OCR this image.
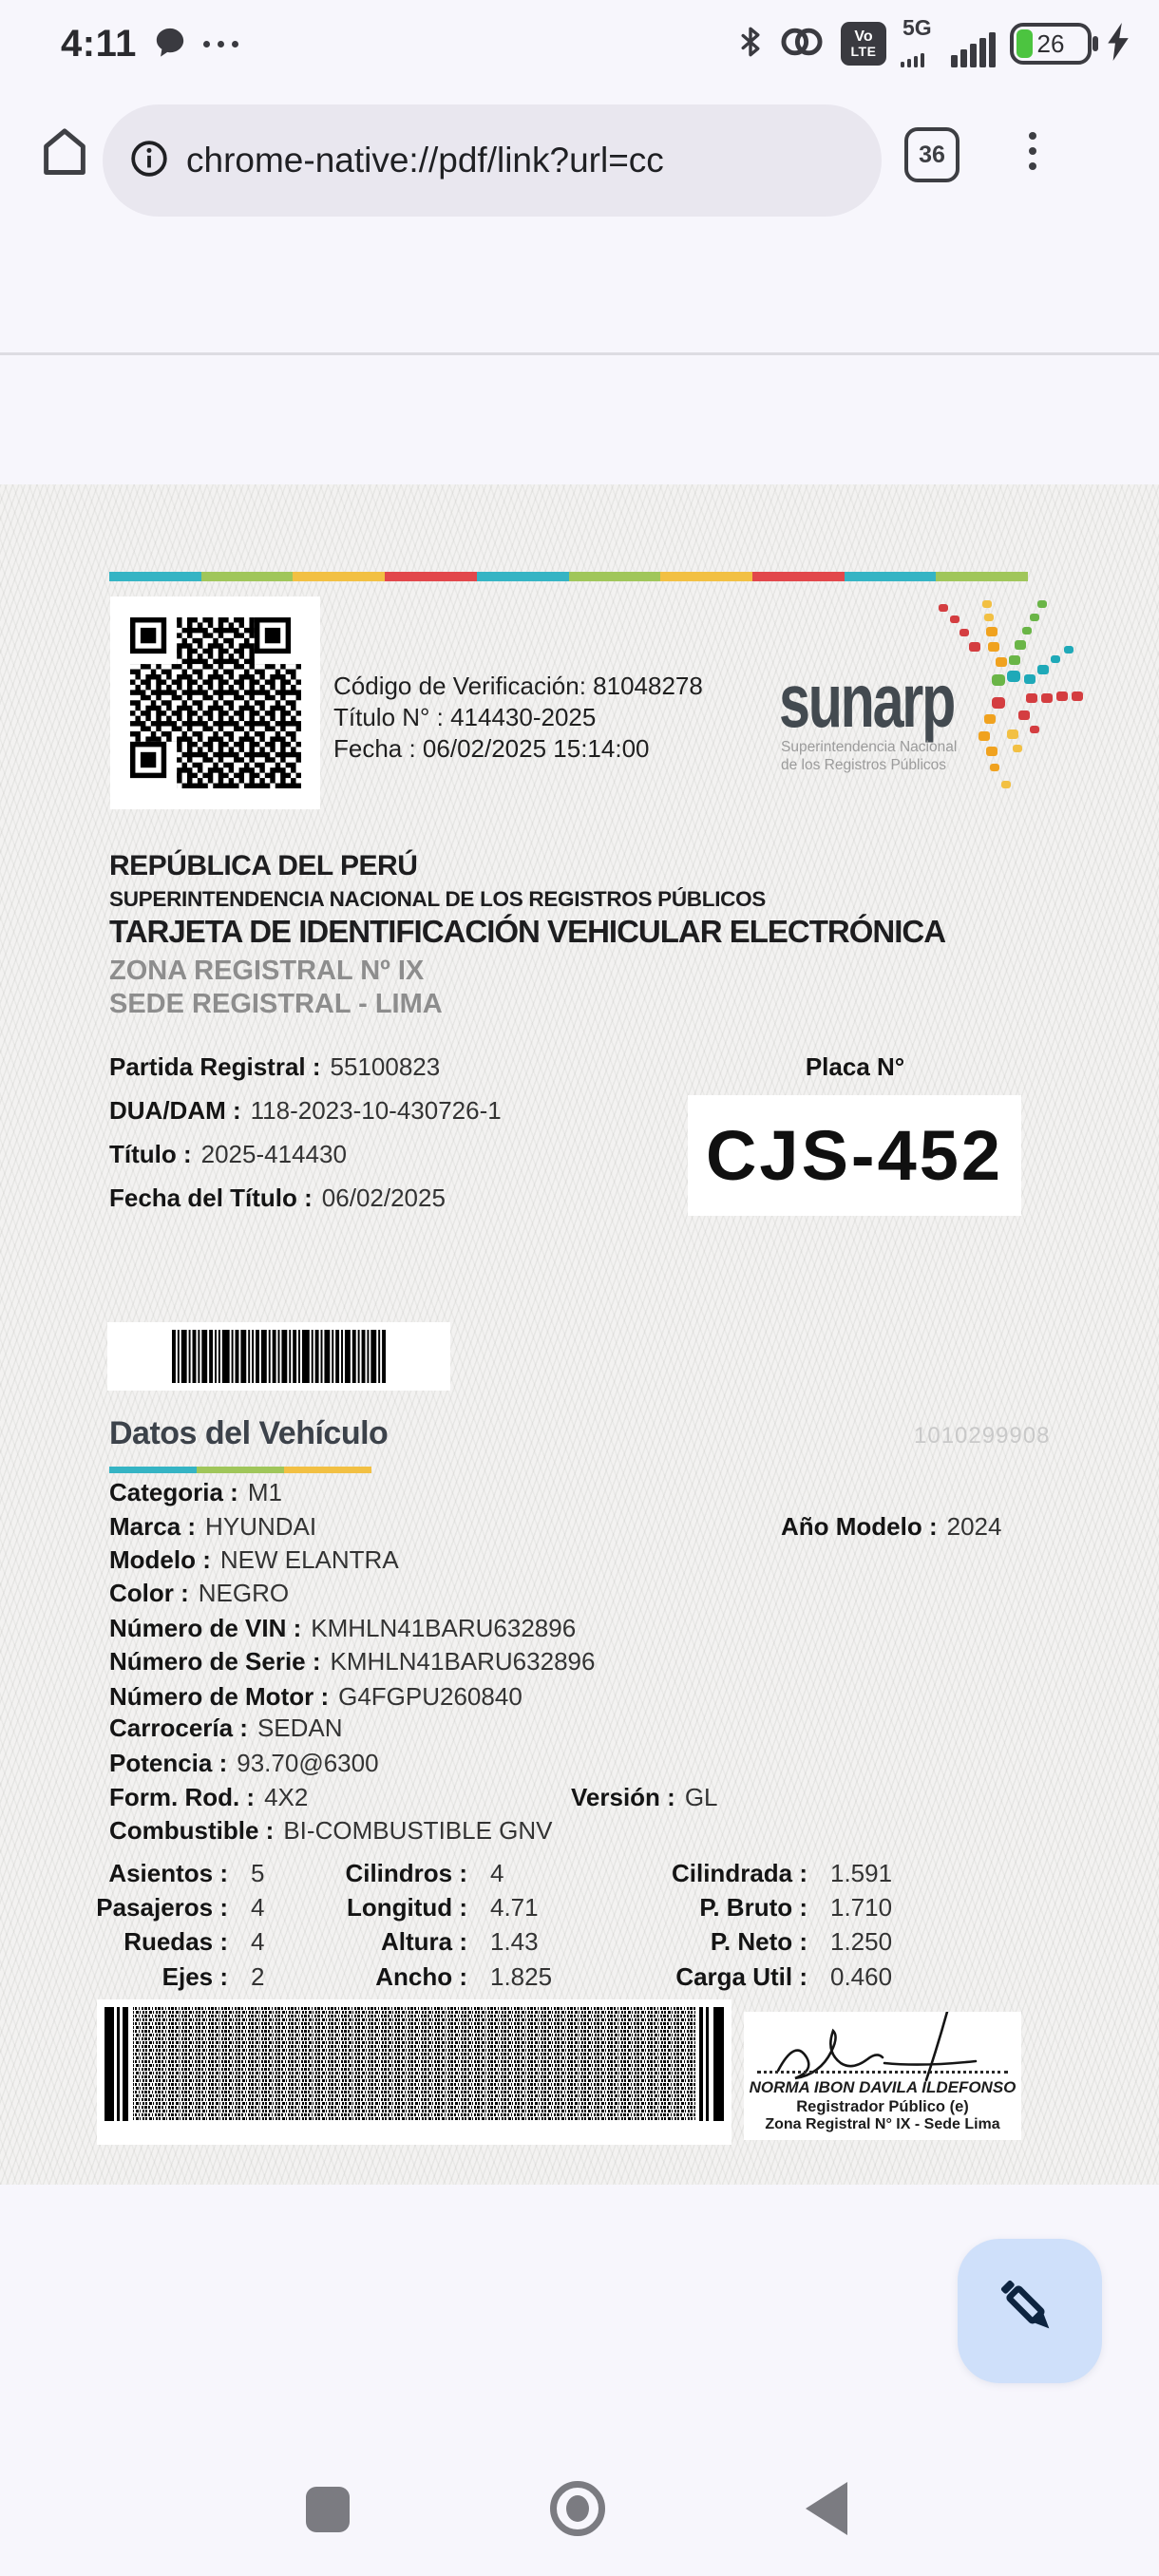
4:11	Vo
LTE
5G
26
chrome-native://pdf/link?url=cc	36
Código de Verificación: 81048278
Título N° : 414430-2025
Fecha : 06/02/2025 15:14:00
sunarp
Superintendencia Nacional
de los Registros Públicos
REPÚBLICA DEL PERÚ
SUPERINTENDENCIA NACIONAL DE LOS REGISTROS PÚBLICOS
TARJETA DE IDENTIFICACIÓN VEHICULAR ELECTRÓNICA
ZONA REGISTRAL Nº IX
SEDE REGISTRAL - LIMA
Partida Registral : 55100823
DUA/DAM : 118-2023-10-430726-1
Título : 2025-414430
Fecha del Título : 06/02/2025
Placa N°
CJS-452
Datos del Vehículo	1010299908
Categoria : M1
Marca : HYUNDAI	Año Modelo : 2024
Modelo : NEW ELANTRA
Color : NEGRO
Número de VIN : KMHLN41BARU632896
Número de Serie : KMHLN41BARU632896
Número de Motor : G4FGPU260840
Carrocería : SEDAN
Potencia : 93.70@6300
Form. Rod. : 4X2	Versión : GL
Combustible : BI-COMBUSTIBLE GNV
Asientos : 5	Cilindros : 4	Cilindrada : 1.591
Pasajeros : 4	Longitud : 4.71	P. Bruto : 1.710
Ruedas : 4	Altura : 1.43	P. Neto : 1.250
Ejes : 2	Ancho : 1.825	Carga Util : 0.460
NORMA IBON DAVILA ILDEFONSO
Registrador Público (e)
Zona Registral N° IX - Sede Lima
